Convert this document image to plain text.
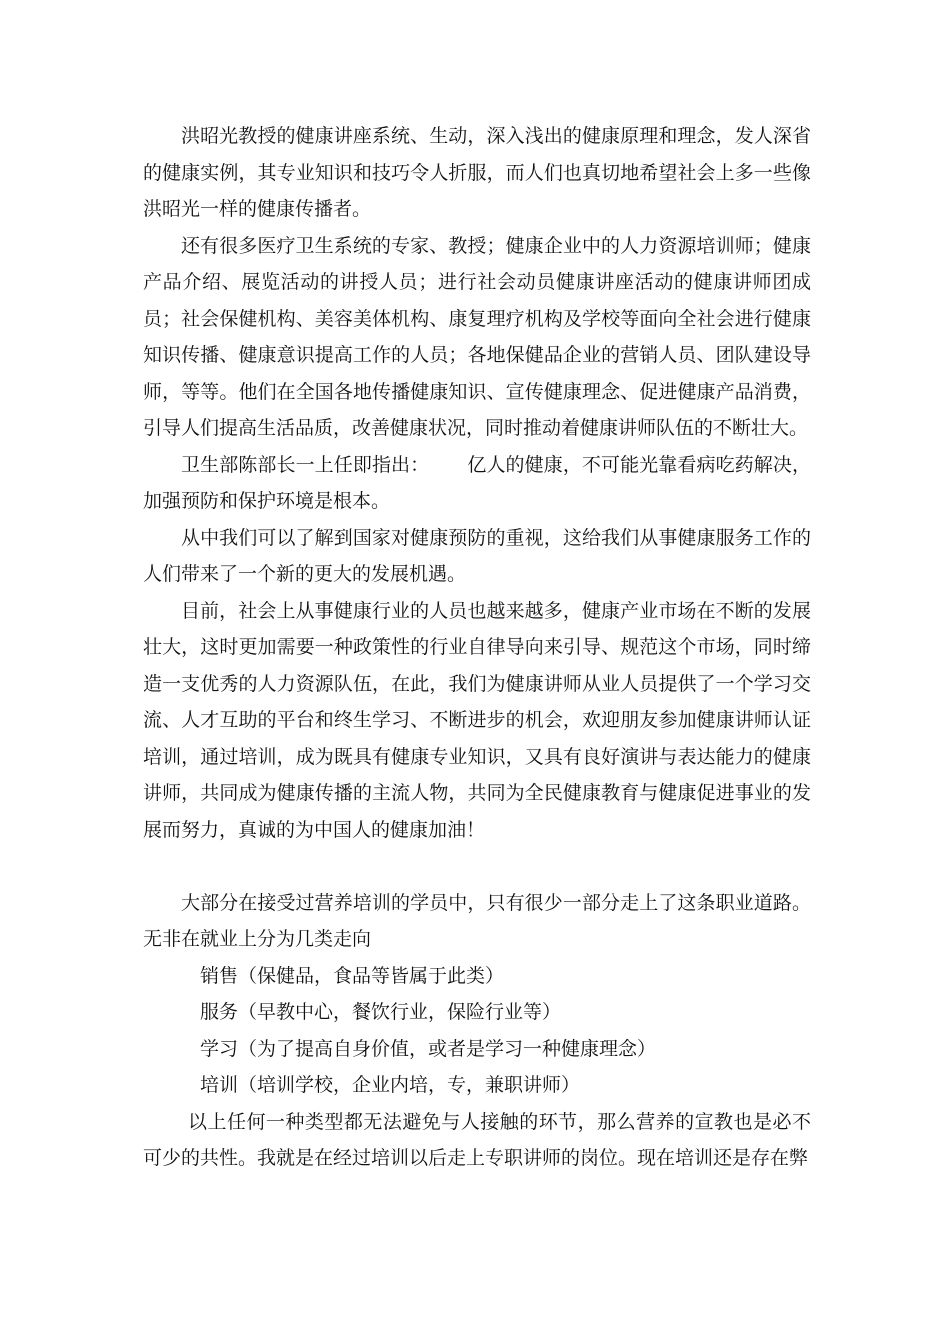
洪昭光教授的健康讲座系统、生动，深入浅出的健康原理和理念，发人深省的健康实例，其专业知识和技巧令人折服，而人们也真切地希望社会上多一些像洪昭光一样的健康传播者。

还有很多医疗卫生系统的专家、教授；健康企业中的人力资源培训师；健康产品介绍、展览活动的讲授人员；进行社会动员健康讲座活动的健康讲师团成员；社会保健机构、美容美体机构、康复理疗机构及学校等面向全社会进行健康知识传播、健康意识提高工作的人员；各地保健品企业的营销人员、团队建设导师，等等。他们在全国各地传播健康知识、宣传健康理念、促进健康产品消费，引导人们提高生活品质，改善健康状况，同时推动着健康讲师队伍的不断壮大。

卫生部陈部长一上任即指出： 亿人的健康，不可能光靠看病吃药解决，加强预防和保护环境是根本。

从中我们可以了解到国家对健康预防的重视，这给我们从事健康服务工作的人们带来了一个新的更大的发展机遇。

目前，社会上从事健康行业的人员也越来越多，健康产业市场在不断的发展壮大，这时更加需要一种政策性的行业自律导向来引导、规范这个市场，同时缔造一支优秀的人力资源队伍，在此，我们为健康讲师从业人员提供了一个学习交流、人才互助的平台和终生学习、不断进步的机会，欢迎朋友参加健康讲师认证培训，通过培训，成为既具有健康专业知识，又具有良好演讲与表达能力的健康讲师，共同成为健康传播的主流人物，共同为全民健康教育与健康促进事业的发展而努力，真诚的为中国人的健康加油！

大部分在接受过营养培训的学员中，只有很少一部分走上了这条职业道路。无非在就业上分为几类走向

销售（保健品，食品等皆属于此类）

服务（早教中心，餐饮行业，保险行业等）

学习（为了提高自身价值，或者是学习一种健康理念）

培训（培训学校，企业内培，专，兼职讲师）

以上任何一种类型都无法避免与人接触的环节，那么营养的宣教也是必不可少的共性。我就是在经过培训以后走上专职讲师的岗位。现在培训还是存在弊
